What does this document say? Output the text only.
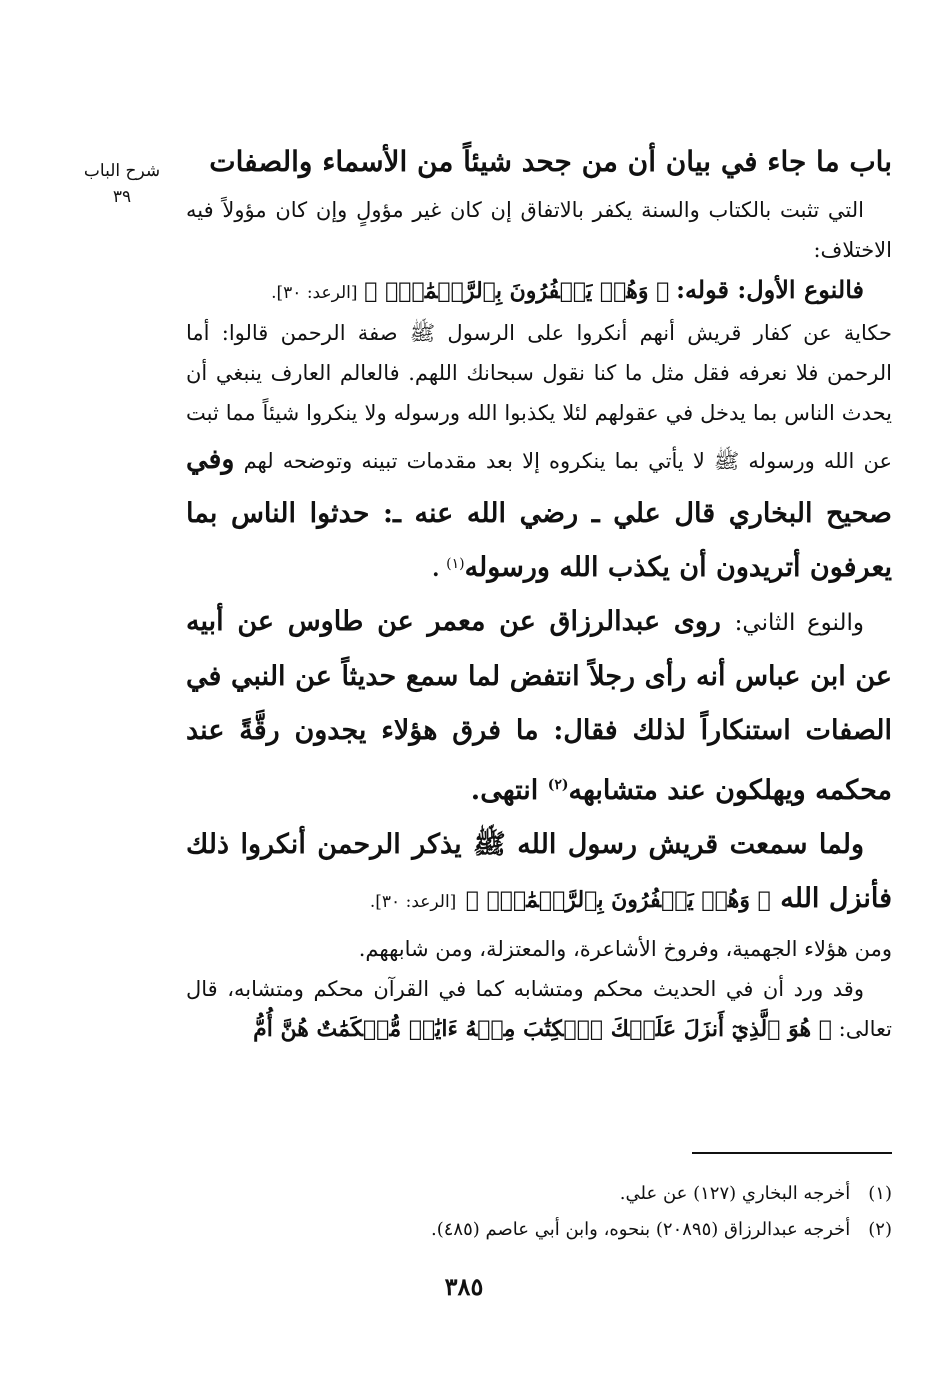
شرح الباب
٣٩
باب ما جاء في بيان أن من جحد شيئاً من الأسماء والصفات

التي تثبت بالكتاب والسنة يكفر بالاتفاق إن كان غير مؤولٍ وإن كان مؤولاً فيه الاختلاف:

فالنوع الأول: قوله: ﴿ وَهُمۡ يَكۡفُرُونَ بِٱلرَّحۡمَٰنِۚ ﴾ [الرعد: ٣٠].

حكاية عن كفار قريش أنهم أنكروا على الرسول ﷺ صفة الرحمن قالوا: أما الرحمن فلا نعرفه فقل مثل ما كنا نقول سبحانك اللهم. فالعالم العارف ينبغي أن يحدث الناس بما يدخل في عقولهم لئلا يكذبوا الله ورسوله ولا ينكروا شيئاً مما ثبت عن الله ورسوله ﷺ لا يأتي بما ينكروه إلا بعد مقدمات تبينه وتوضحه لهم وفي صحيح البخاري قال علي ـ رضي الله عنه ـ: حدثوا الناس بما يعرفون أتريدون أن يكذب الله ورسوله$^{(١)}$ .

والنوع الثاني: روى عبدالرزاق عن معمر عن طاوس عن أبيه عن ابن عباس أنه رأى رجلاً انتفض لما سمع حديثاً عن النبي في الصفات استنكاراً لذلك فقال: ما فرق هؤلاء يجدون رقَّةً عند محكمه ويهلكون عند متشابهه$^{(٢)}$ انتهى.

ولما سمعت قريش رسول الله ﷺ يذكر الرحمن أنكروا ذلك فأنزل الله ﴿ وَهُمۡ يَكۡفُرُونَ بِٱلرَّحۡمَٰنِۚ ﴾ [الرعد: ٣٠].

ومن هؤلاء الجهمية، وفروخ الأشاعرة، والمعتزلة، ومن شابههم.

وقد ورد أن في الحديث محكم ومتشابه كما في القرآن محكم ومتشابه، قال تعالى: ﴿ هُوَ ٱلَّذِيٓ أَنزَلَ عَلَيۡكَ ٱلۡكِتَٰبَ مِنۡهُ ءَايَٰتٞ مُّحۡكَمَٰتٌ هُنَّ أُمُّ

(١)
أخرجه البخاري (١٢٧) عن علي.
(٢)
أخرجه عبدالرزاق (٢٠٨٩٥) بنحوه، وابن أبي عاصم (٤٨٥).
٣٨٥
